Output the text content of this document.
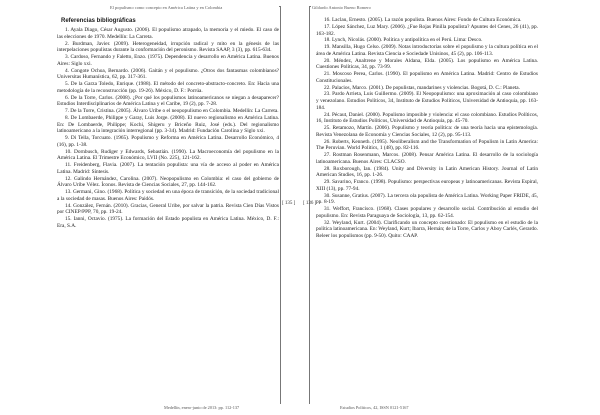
El populismo como concepto en América Latina y en Colombia	Gildardo Antonio Bueno Romero
[ 135 ] [ 136 ]
Referencias bibliográficas

1. Ayala Diago, César Augusto. (2006). El populismo atrapado, la memoria y el miedo. El caso de las elecciones de 1970. Medellín: La Carreta.

2. Burdman, Javier. (2009). Heterogeneidad, irrupción radical y mito en la génesis de las interpelaciones populistas durante la conformación del peronismo. Revista SAAP, 3 (3), pp. 615-634.

3. Cardoso, Fernando y Faletto, Enzo. (1975). Dependencia y desarrollo en América Latina. Buenos Aires: Siglo xxi.

4. Congote Ochoa, Bernardo. (2006). Gaitán y el populismo. ¿Otros dos fantasmas colombianos? Universitas Humanística, 62, pp. 317-361.

5. De la Garza Toledo, Enrique. (1988). El método del concreto-abstracto-concreto. En: Hacia una metodología de la reconstrucción (pp. 19-26). México, D. F.: Porrúa.

6. De la Torre, Carlos. (2008). ¿Por qué los populismos latinoamericanos se niegan a desaparecer? Estudios Interdisciplinarios de América Latina y el Caribe, 19 (2), pp. 7-28.

7. De la Torre, Cristina. (2005). Álvaro Uribe o el neopopulismo en Colombia. Medellín: La Carreta.

8. De Lombaerde, Philippe y Garay, Luis Jorge. (2008). El nuevo regionalismo en América Latina. En: De Lombaerde, Philippe; Kochi, Shigeru y Briceño Ruiz, José (eds.). Del regionalismo latinoamericano a la integración interregional (pp. 3-34). Madrid: Fundación Carolina y Siglo xxi.

9. Di Tella, Torcuato. (1965). Populismo y Reforma en América Latina. Desarrollo Económico, 4 (16), pp. 1-38.

10. Dornbusch, Rudiger y Edwards, Sebastián. (1990). La Macroeconomía del populismo en la América Latina. El Trimestre Económico, LVII (No. 225), 121-162.

11. Freidenberg, Flavia. (2007). La tentación populista: una vía de acceso al poder en América Latina. Madrid: Síntesis.

12. Galindo Hernández, Carolina. (2007). Neopopulismo en Colombia: el caso del gobierno de Álvaro Uribe Vélez. Íconos. Revista de Ciencias Sociales, 27, pp. 144-162.

13. Germani, Gino. (1968). Política y sociedad en una época de transición, de la sociedad tradicional a la sociedad de masas. Buenos Aires: Paidós.

14. González, Fernán. (2010). Gracias, General Uribe, por salvar la patria. Revista Cien Días Vistos por CINEP/PPP, 70, pp. 19-24.

15. Ianni, Octavio. (1975). La formación del Estado populista en América Latina. México, D. F.: Era, S.A.

16. Laclau, Ernesto. (2005). La razón populista. Buenos Aires: Fondo de Cultura Económica.

17. López Sánchez, Luz Mary. (2006). ¿Fue Rojas Pinilla populista? Apuntes del Cenes, 26 (41), pp. 163-182.

18. Lynch, Nicolás. (2000). Política y antipolítica en el Perú. Lima: Desco.

19. Mansilla, Hugo Celso. (2009). Notas introductorias sobre el populismo y la cultura política en el área de América Latina. Revista Ciencia e Sociedade Unisinos, 45 (2), pp. 106-113.

20. Méndez, Analtrene y Morales Aldana, Elda. (2005). Los populismo en América Latina. Cuestiones Políticas, 34, pp. 73-99.

21. Moscoso Perea, Carlos. (1990). El populismo en América Latina. Madrid: Centro de Estudios Constitucionales.

22. Palacios, Marco. (2001). De populistas, mandarines y violencias. Bogotá, D. C.: Planeta.

23. Pardo Arrieta, Luis Guillermo. (2009). El Neopopulismo: una aproximación al caso colombiano y venezolano. Estudios Políticos, 34, Instituto de Estudios Políticos, Universidad de Antioquia, pp. 163-184.

24. Pécaut, Daniel. (2000). Populismo imposible y violencia: el caso colombiano. Estudios Políticos, 16, Instituto de Estudios Políticos, Universidad de Antioquia, pp. 45-70.

25. Retamozo, Martín. (2006). Populismo y teoría política: de una teoría hacia una epistemología. Revista Venezolana de Economía y Ciencias Sociales, 12 (2), pp. 95-113.

26. Roberts, Kenneth. (1995). Neoliberalism and the Transformation of Populism in Latin America: The Peruvian. World Politics, 1 (48), pp. 82-116.

27. Rostman Rosenmann, Marcos. (2008). Pensar América Latina. El desarrollo de la sociología latinoamericana. Buenos Aires: CLACSO.

28. Roxborough, Ian. (1984). Unity and Diversity in Latin American History. Journal of Latin American Studies, 16, pp. 1-26.

29. Savarino, Franco. (1998). Populismo: perspectivas europeas y latinoamericanas. Revista Espiral, XIII (13), pp. 77-94.

30. Susanne, Gratius. (2007). La tercera ola populista de América Latina. Working Paper FRIDE, 45, pp. 8-19.

31. Weffort, Francisco. (1968). Clases populares y desarrollo social. Contribución al estudio del populismo. En: Revista Paraguaya de Sociología, 13, pp. 62-154.

32. Weyland, Kurt. (2004). Clarificando un concepto cuestionado: El populismo en el estudio de la política latinoamericana. En: Weyland, Kurt; Ibarra, Hernán; de la Torre, Carlos y Aboy Carlés, Gerardo. Releer los populismos (pp. 9-50). Quito: CAAP.

Medellín, enero-junio de 2013: pp. 112-137	Estudios Políticos, 42, ISSN 0121-5167
